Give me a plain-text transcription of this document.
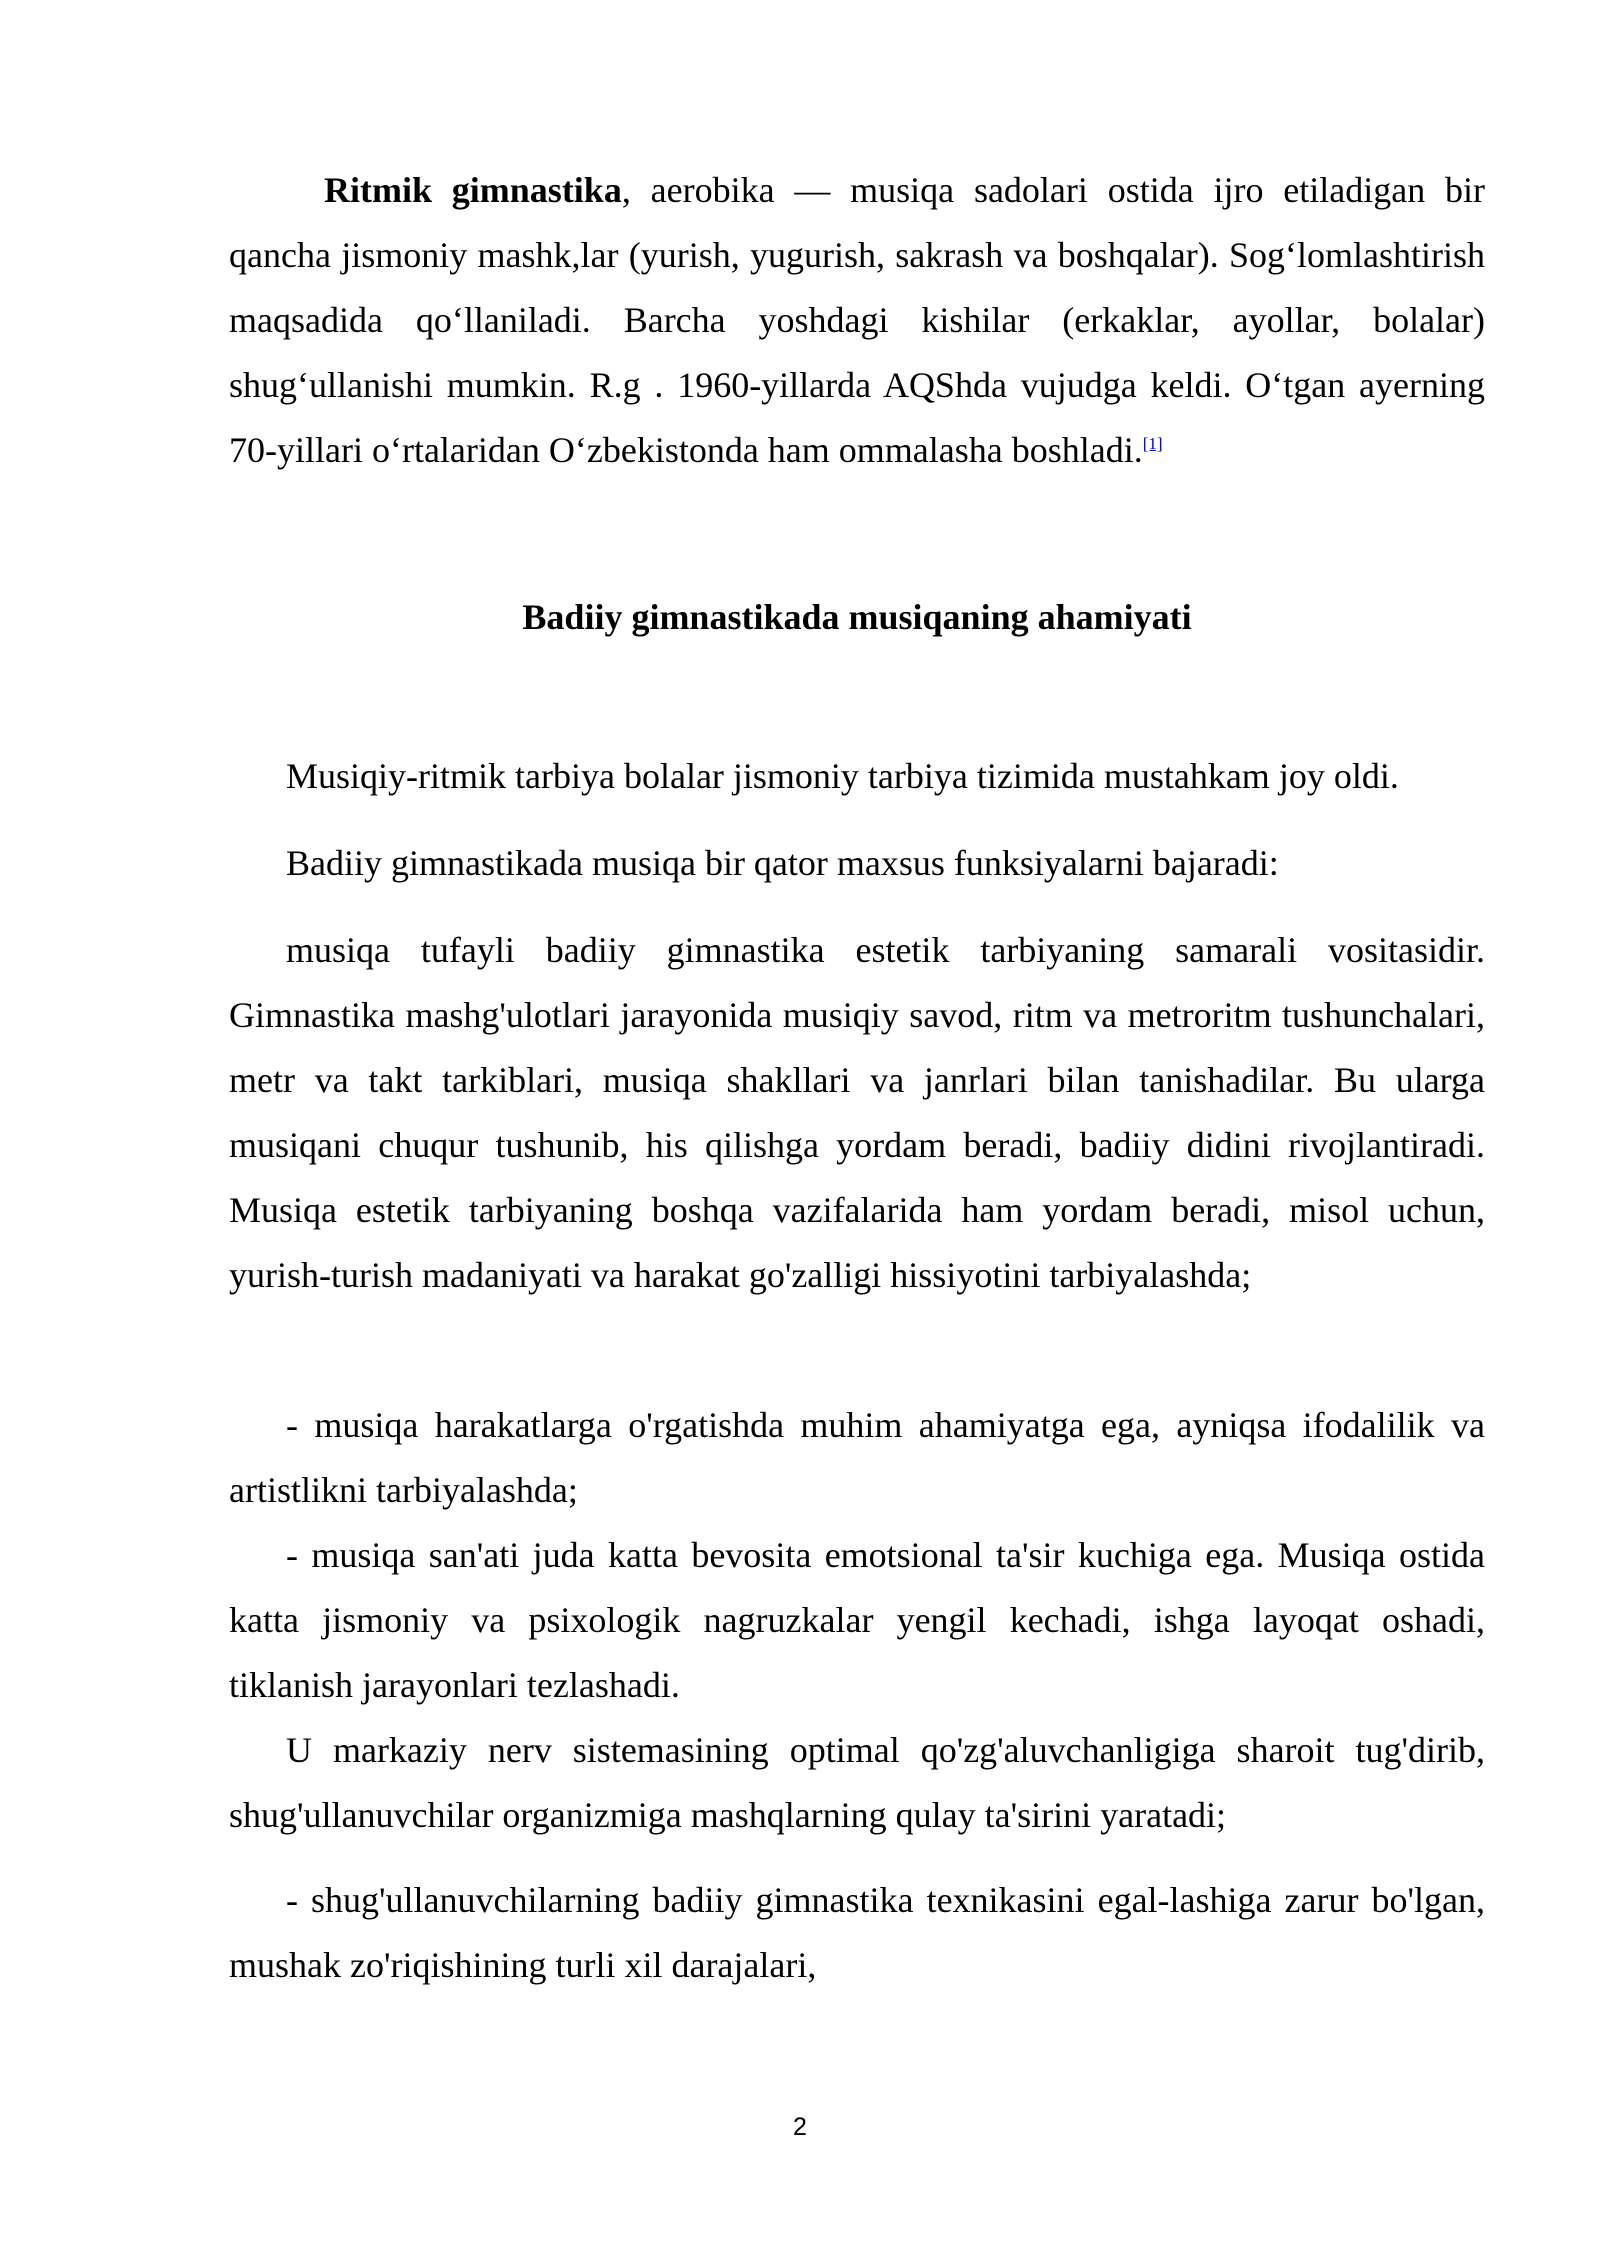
Ritmik gimnastika, aerobika — musiqa sadolari ostida ijro etiladigan bir qancha jismoniy mashk,lar (yurish, yugurish, sakrash va boshqalar). Sog‘lomlashtirish maqsadida qo‘llaniladi. Barcha yoshdagi kishilar (erkaklar, ayollar, bolalar) shug‘ullanishi mumkin. R.g . 1960-yillarda AQShda vujudga keldi. O‘tgan ayerning 70-yillari o‘rtalaridan O‘zbekistonda ham ommalasha boshladi.[1]

Badiiy gimnastikada musiqaning ahamiyati

Musiqiy-ritmik tarbiya bolalar jismoniy tarbiya tizimida mustahkam joy oldi.

Badiiy gimnastikada musiqa bir qator maxsus funksiyalarni bajaradi:

musiqa tufayli badiiy gimnastika estetik tarbiyaning samarali vositasidir. Gimnastika mashg'ulotlari jarayonida musiqiy savod, ritm va metroritm tushunchalari, metr va takt tarkiblari, musiqa shakllari va janrlari bilan tanishadilar. Bu ularga musiqani chuqur tushunib, his qilishga yordam beradi, badiiy didini rivojlantiradi. Musiqa estetik tarbiyaning boshqa vazifalarida ham yordam beradi, misol uchun, yurish-turish madaniyati va harakat go'zalligi hissiyotini tarbiyalashda;

- musiqa harakatlarga o'rgatishda muhim ahamiyatga ega, ayniqsa ifodalilik va artistlikni tarbiyalashda;

- musiqa san'ati juda katta bevosita emotsional ta'sir kuchiga ega. Musiqa ostida katta jismoniy va psixologik nagruzkalar yengil kechadi, ishga layoqat oshadi, tiklanish jarayonlari tezlashadi.

U markaziy nerv sistemasining optimal qo'zg'aluvchanligiga sharoit tug'dirib, shug'ullanuvchilar organizmiga mashqlarning qulay ta'sirini yaratadi;

- shug'ullanuvchilarning badiiy gimnastika texnikasini egal-lashiga zarur bo'lgan, mushak zo'riqishining turli xil darajalari,

2
